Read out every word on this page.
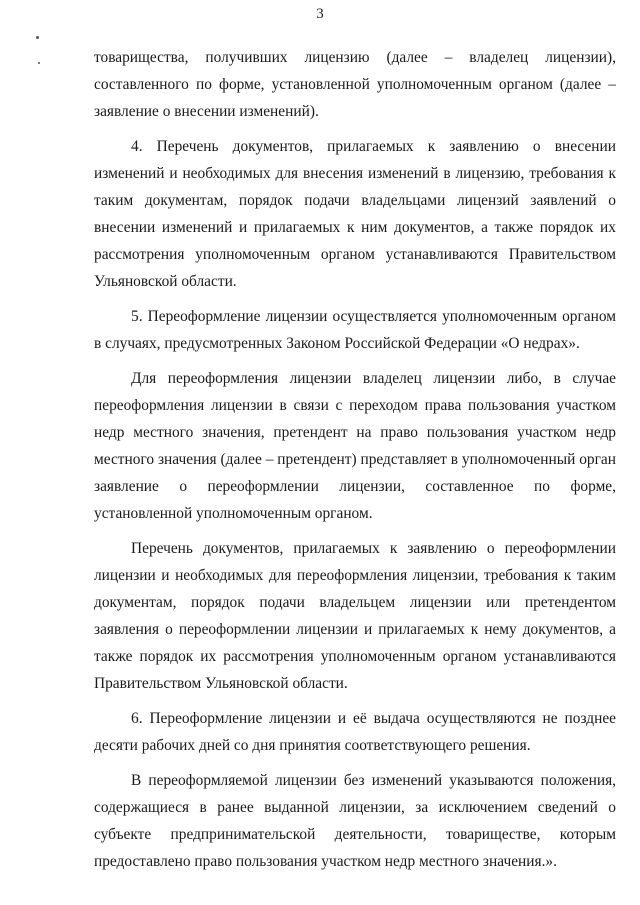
3

товарищества, получивших лицензию (далее – владелец лицензии), составленного по форме, установленной уполномоченным органом (далее – заявление о внесении изменений).

4. Перечень документов, прилагаемых к заявлению о внесении изменений и необходимых для внесения изменений в лицензию, требования к таким документам, порядок подачи владельцами лицензий заявлений о внесении изменений и прилагаемых к ним документов, а также порядок их рассмотрения уполномоченным органом устанавливаются Правительством Ульяновской области.

5. Переоформление лицензии осуществляется уполномоченным органом в случаях, предусмотренных Законом Российской Федерации «О недрах».

Для переоформления лицензии владелец лицензии либо, в случае переоформления лицензии в связи с переходом права пользования участком недр местного значения, претендент на право пользования участком недр местного значения (далее – претендент) представляет в уполномоченный орган заявление о переоформлении лицензии, составленное по форме, установленной уполномоченным органом.

Перечень документов, прилагаемых к заявлению о переоформлении лицензии и необходимых для переоформления лицензии, требования к таким документам, порядок подачи владельцем лицензии или претендентом заявления о переоформлении лицензии и прилагаемых к нему документов, а также порядок их рассмотрения уполномоченным органом устанавливаются Правительством Ульяновской области.

6. Переоформление лицензии и её выдача осуществляются не позднее десяти рабочих дней со дня принятия соответствующего решения.

В переоформляемой лицензии без изменений указываются положения, содержащиеся в ранее выданной лицензии, за исключением сведений о субъекте предпринимательской деятельности, товариществе, которым предоставлено право пользования участком недр местного значения.».
